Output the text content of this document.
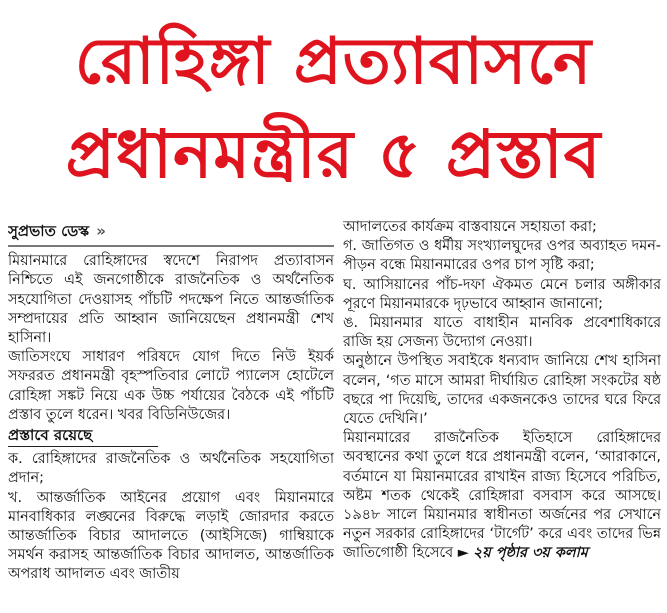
রোহিঙ্গা প্রত্যাবাসনে
প্রধানমন্ত্রীর ৫ প্রস্তাব
সুপ্রভাত ডেস্ক »

মিয়ানমারে রোহিঙ্গাদের স্বদেশে নিরাপদ প্রত্যাবাসন নিশ্চিতে এই জনগোষ্ঠীকে রাজনৈতিক ও অর্থনৈতিক সহযোগিতা দেওয়াসহ পাঁচটি পদক্ষেপ নিতে আন্তর্জাতিক সম্প্রদায়ের প্রতি আহ্বান জানিয়েছেন প্রধানমন্ত্রী শেখ হাসিনা।

জাতিসংঘে সাধারণ পরিষদে যোগ দিতে নিউ ইয়র্ক সফররত প্রধানমন্ত্রী বৃহস্পতিবার লোটে প্যালেস হোটেলে রোহিঙ্গা সঙ্কট নিয়ে এক উচ্চ পর্যায়ের বৈঠকে এই পাঁচটি প্রস্তাব তুলে ধরেন। খবর বিডিনিউজের।

প্রস্তাবে রয়েছে

ক. রোহিঙ্গাদের রাজনৈতিক ও অর্থনৈতিক সহযোগিতা প্রদান;

খ. আন্তর্জাতিক আইনের প্রয়োগ এবং মিয়ানমারে মানবাধিকার লঙ্ঘনের বিরুদ্ধে লড়াই জোরদার করতে আন্তর্জাতিক বিচার আদালতে (আইসিজে) গাম্বিয়াকে সমর্থন করাসহ আন্তর্জাতিক বিচার আদালত, আন্তর্জাতিক অপরাধ আদালত এবং জাতীয়

আদালতের কার্যক্রম বাস্তবায়নে সহায়তা করা;

গ. জাতিগত ও ধর্মীয় সংখ্যালঘুদের ওপর অব্যাহত দমন-পীড়ন বন্ধে মিয়ানমারের ওপর চাপ সৃষ্টি করা;

ঘ. আসিয়ানের পাঁচ-দফা ঐকমত মেনে চলার অঙ্গীকার পূরণে মিয়ানমারকে দৃঢ়ভাবে আহ্বান জানানো;

ঙ. মিয়ানমার যাতে বাধাহীন মানবিক প্রবেশাধিকারে রাজি হয় সেজন্য উদ্যোগ নেওয়া।

অনুষ্ঠানে উপস্থিত সবাইকে ধন্যবাদ জানিয়ে শেখ হাসিনা বলেন, ‘গত মাসে আমরা দীর্ঘায়িত রোহিঙ্গা সংকটের ষষ্ঠ বছরে পা দিয়েছি, তাদের একজনকেও তাদের ঘরে ফিরে যেতে দেখিনি।’

মিয়ানমারের রাজনৈতিক ইতিহাসে রোহিঙ্গাদের অবস্থানের কথা তুলে ধরে প্রধানমন্ত্রী বলেন, ‘আরাকানে, বর্তমানে যা মিয়ানমারের রাখাইন রাজ্য হিসেবে পরিচিত, অষ্টম শতক থেকেই রোহিঙ্গারা বসবাস করে আসছে। ১৯৪৮ সালে মিয়ানমার স্বাধীনতা অর্জনের পর সেখানে নতুন সরকার রোহিঙ্গাদের ‘টার্গেট’ করে এবং তাদের ভিন্ন জাতিগোষ্ঠী হিসেবে ► ২য় পৃষ্ঠার ৩য় কলাম
